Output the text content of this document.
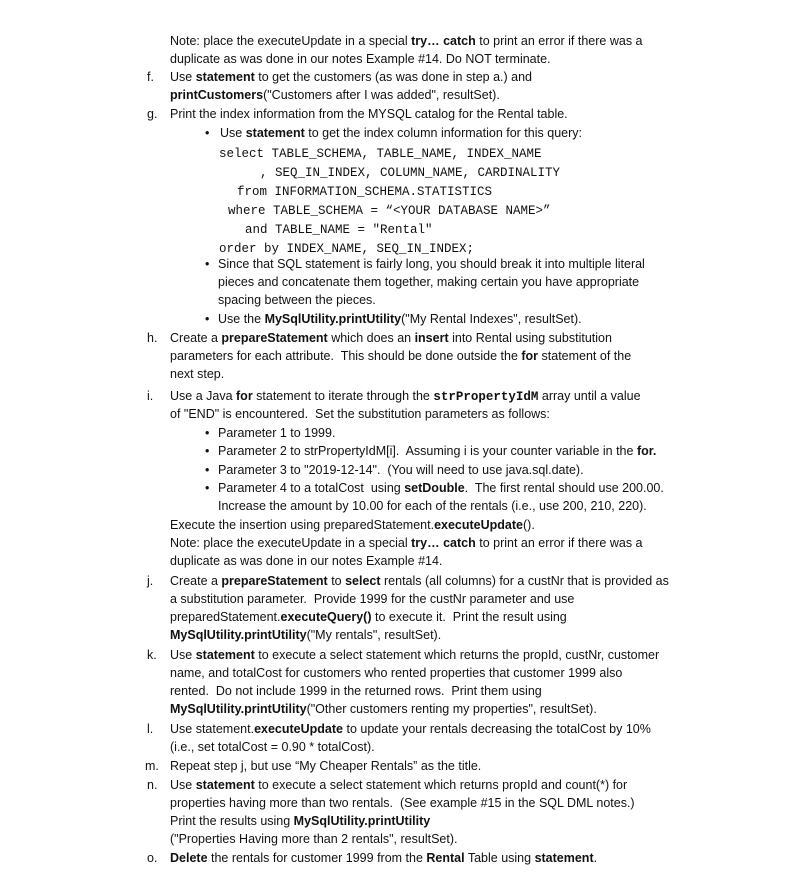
Note: place the executeUpdate in a special try… catch to print an error if there was a
duplicate as was done in our notes Example #14. Do NOT terminate.
f. Use statement to get the customers (as was done in step a.) and
printCustomers("Customers after I was added", resultSet).
g. Print the index information from the MYSQL catalog for the Rental table.
• Use statement to get the index column information for this query:
select TABLE_SCHEMA, TABLE_NAME, INDEX_NAME
, SEQ_IN_INDEX, COLUMN_NAME, CARDINALITY
from INFORMATION_SCHEMA.STATISTICS
where TABLE_SCHEMA = “<YOUR DATABASE NAME>”
and TABLE_NAME = "Rental"
order by INDEX_NAME, SEQ_IN_INDEX;
• Since that SQL statement is fairly long, you should break it into multiple literal
pieces and concatenate them together, making certain you have appropriate
spacing between the pieces.
• Use the MySqlUtility.printUtility("My Rental Indexes", resultSet).
h. Create a prepareStatement which does an insert into Rental using substitution
parameters for each attribute.  This should be done outside the for statement of the
next step.
i. Use a Java for statement to iterate through the strPropertyIdM array until a value
of "END" is encountered.  Set the substitution parameters as follows:
• Parameter 1 to 1999.
• Parameter 2 to strPropertyIdM[i].  Assuming i is your counter variable in the for.
• Parameter 3 to "2019-12-14".  (You will need to use java.sql.date).
• Parameter 4 to a totalCost  using setDouble.  The first rental should use 200.00.
Increase the amount by 10.00 for each of the rentals (i.e., use 200, 210, 220).
Execute the insertion using preparedStatement.executeUpdate().
Note: place the executeUpdate in a special try… catch to print an error if there was a
duplicate as was done in our notes Example #14.
j. Create a prepareStatement to select rentals (all columns) for a custNr that is provided as
a substitution parameter.  Provide 1999 for the custNr parameter and use
preparedStatement.executeQuery() to execute it.  Print the result using
MySqlUtility.printUtility("My rentals", resultSet).
k. Use statement to execute a select statement which returns the propId, custNr, customer
name, and totalCost for customers who rented properties that customer 1999 also
rented.  Do not include 1999 in the returned rows.  Print them using
MySqlUtility.printUtility("Other customers renting my properties", resultSet).
l. Use statement.executeUpdate to update your rentals decreasing the totalCost by 10%
(i.e., set totalCost = 0.90 * totalCost).
m. Repeat step j, but use “My Cheaper Rentals” as the title.
n. Use statement to execute a select statement which returns propId and count(*) for
properties having more than two rentals.  (See example #15 in the SQL DML notes.)
Print the results using MySqlUtility.printUtility
("Properties Having more than 2 rentals", resultSet).
o. Delete the rentals for customer 1999 from the Rental Table using statement.
